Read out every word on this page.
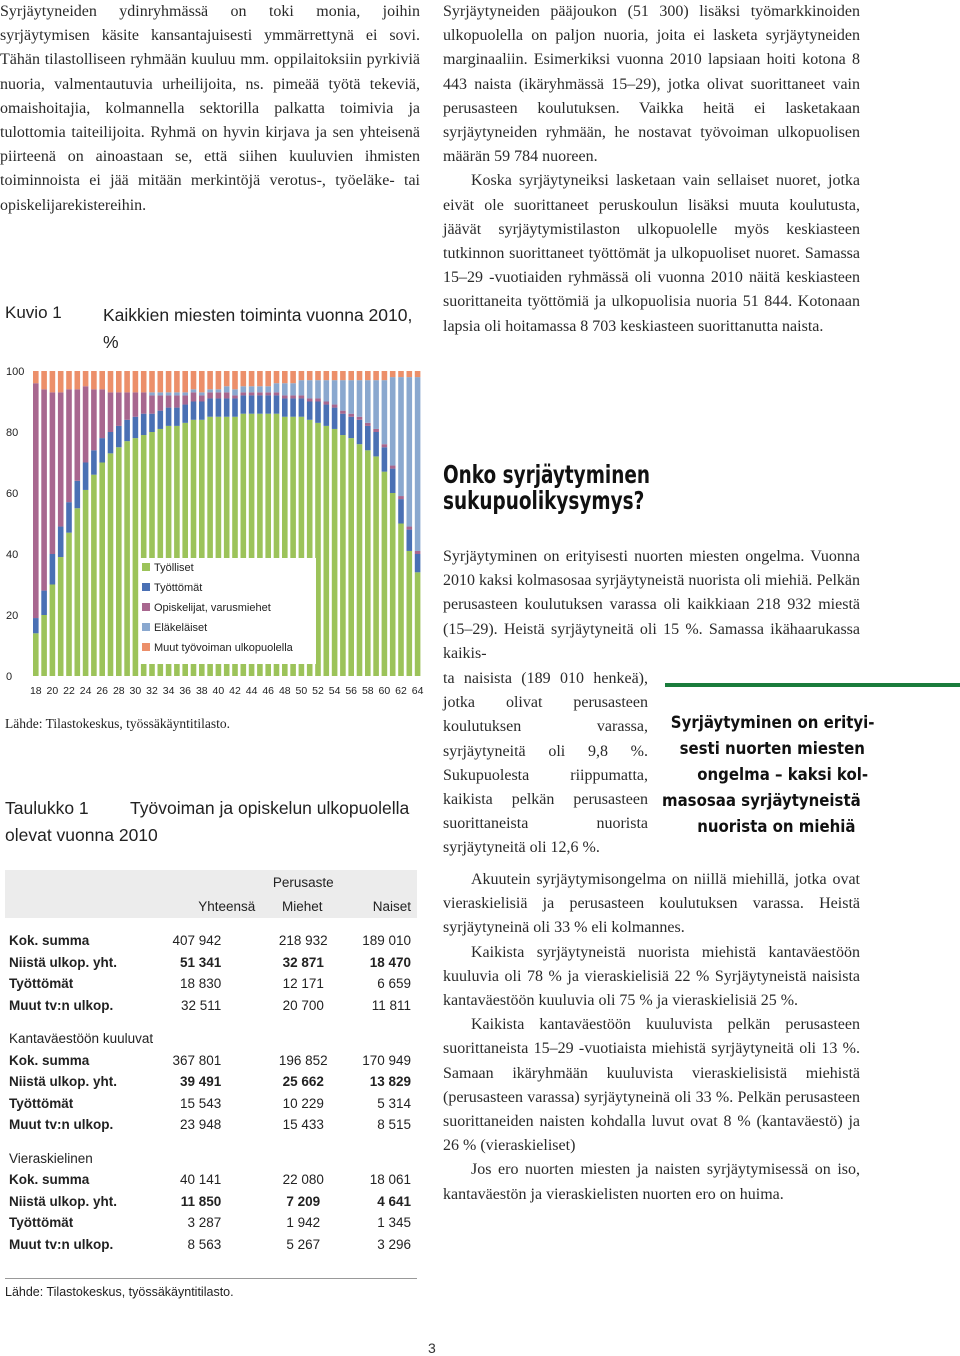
Syrjäytyneiden ydinryhmässä on toki monia, joihin syrjäytymisen käsite kansantajuisesti ymmärrettynä ei sovi. Tähän tilastolliseen ryhmään kuuluu mm. oppilaitoksiin pyrkiviä nuoria, valmentautuvia urheilijoita, ns. pimeää työtä tekeviä, omaishoitajia, kolmannella sektorilla palkatta toimivia ja tulottomia taiteilijoita. Ryhmä on hyvin kirjava ja sen yhteisenä piirteenä on ainoastaan se, että siihen kuuluvien ihmisten toiminnoista ei jää mitään merkintöjä verotus-, työeläke- tai opiskelijarekistereihin.

Kuvio 1 Kaikkien miesten toiminta vuonna 2010, %
0
20
40
60
80
100
18 20 22 24 26 28 30 32 34 36 38 40 42 44 46 48 50 52 54 56 58 60 62 64
Työlliset
Työttömät
Opiskelijat, varusmiehet
Eläkeläiset
Muut työvoiman ulkopuolella
Lähde: Tilastokeskus, työssäkäyntitilasto.
Taulukko 1 Työvoiman ja opiskelun ulkopuolella olevat vuonna 2010
		Perusaste	
	Yhteensä	Miehet	Naiset

Kok. summa	407 942	218 932	189 010
Niistä ulkop. yht.	51 341	32 871	18 470
Työttömät	18 830	12 171	6 659
Muut tv:n ulkop.	32 511	20 700	11 811

Kantaväestöön kuuluvat			
Kok. summa	367 801	196 852	170 949
Niistä ulkop. yht.	39 491	25 662	13 829
Työttömät	15 543	10 229	5 314
Muut tv:n ulkop.	23 948	15 433	8 515

Vieraskielinen			
Kok. summa	40 141	22 080	18 061
Niistä ulkop. yht.	11 850	7 209	4 641
Työttömät	3 287	1 942	1 345
Muut tv:n ulkop.	8 563	5 267	3 296
Lähde: Tilastokeskus, työssäkäyntitilasto.

Syrjäytyneiden pääjoukon (51 300) lisäksi työmarkkinoiden ulkopuolella on paljon nuoria, joita ei lasketa syrjäytyneiden marginaaliin. Esimerkiksi vuonna 2010 lapsiaan hoiti kotona 8 443 naista (ikäryhmässä 15–29), jotka olivat suorittaneet vain perusasteen koulutuksen. Vaikka heitä ei lasketakaan syrjäytyneiden ryhmään, he nostavat työvoiman ulkopuolisen määrän 59 784 nuoreen.

Koska syrjäytyneiksi lasketaan vain sellaiset nuoret, jotka eivät ole suorittaneet peruskoulun lisäksi muuta koulutusta, jäävät syrjäytymistilaston ulkopuolelle myös keskiasteen tutkinnon suorittaneet työttömät ja ulkopuoliset nuoret. Samassa 15–29 -vuotiaiden ryhmässä oli vuonna 2010 näitä keskiasteen suorittaneita työttömiä ja ulkopuolisia nuoria 51 844. Kotonaan lapsia oli hoitamassa 8 703 keskiasteen suorittanutta naista.

Onko syrjäytyminen sukupuolikysymys?

Syrjäytyminen on erityisesti nuorten miesten ongelma. Vuonna 2010 kaksi kolmasosaa syrjäytyneistä nuorista oli miehiä. Pelkän perusasteen koulutuksen varassa oli kaikkiaan 218 932 miestä (15–29). Heistä syrjäytyneitä oli 15 %. Samassa ikähaarukassa kaikis-

ta naisista (189 010 henkeä), jotka olivat perusasteen koulutuksen varassa, syrjäytyneitä oli 9,8 %. Sukupuolesta riippumatta, kaikista pelkän perusasteen suorittaneista nuorista syrjäytyneitä oli 12,6 %.

Syrjäytyminen on erityi-
sesti nuorten miesten
ongelma – kaksi kol-
masosaa syrjäytyneistä
nuorista on miehiä

Akuutein syrjäytymisongelma on niillä miehillä, jotka ovat vieraskielisiä ja perusasteen koulutuksen varassa. Heistä syrjäytyneinä oli 33 % eli kolmannes.

Kaikista syrjäytyneistä nuorista miehistä kantaväestöön kuuluvia oli 78 % ja vieraskielisiä 22 % Syrjäytyneistä naisista kantaväestöön kuuluvia oli 75 % ja vieraskielisiä 25 %.

Kaikista kantaväestöön kuuluvista pelkän perusasteen suorittaneista 15–29 -vuotiaista miehistä syrjäytyneitä oli 13 %. Samaan ikäryhmään kuuluvista vieraskielisistä miehistä (perusasteen varassa) syrjäytyneinä oli 33 %. Pelkän perusasteen suorittaneiden naisten kohdalla luvut ovat 8 % (kantaväestö) ja 26 % (vieraskieliset)

Jos ero nuorten miesten ja naisten syrjäytymisessä on iso, kantaväestön ja vieraskielisten nuorten ero on huima.

3
